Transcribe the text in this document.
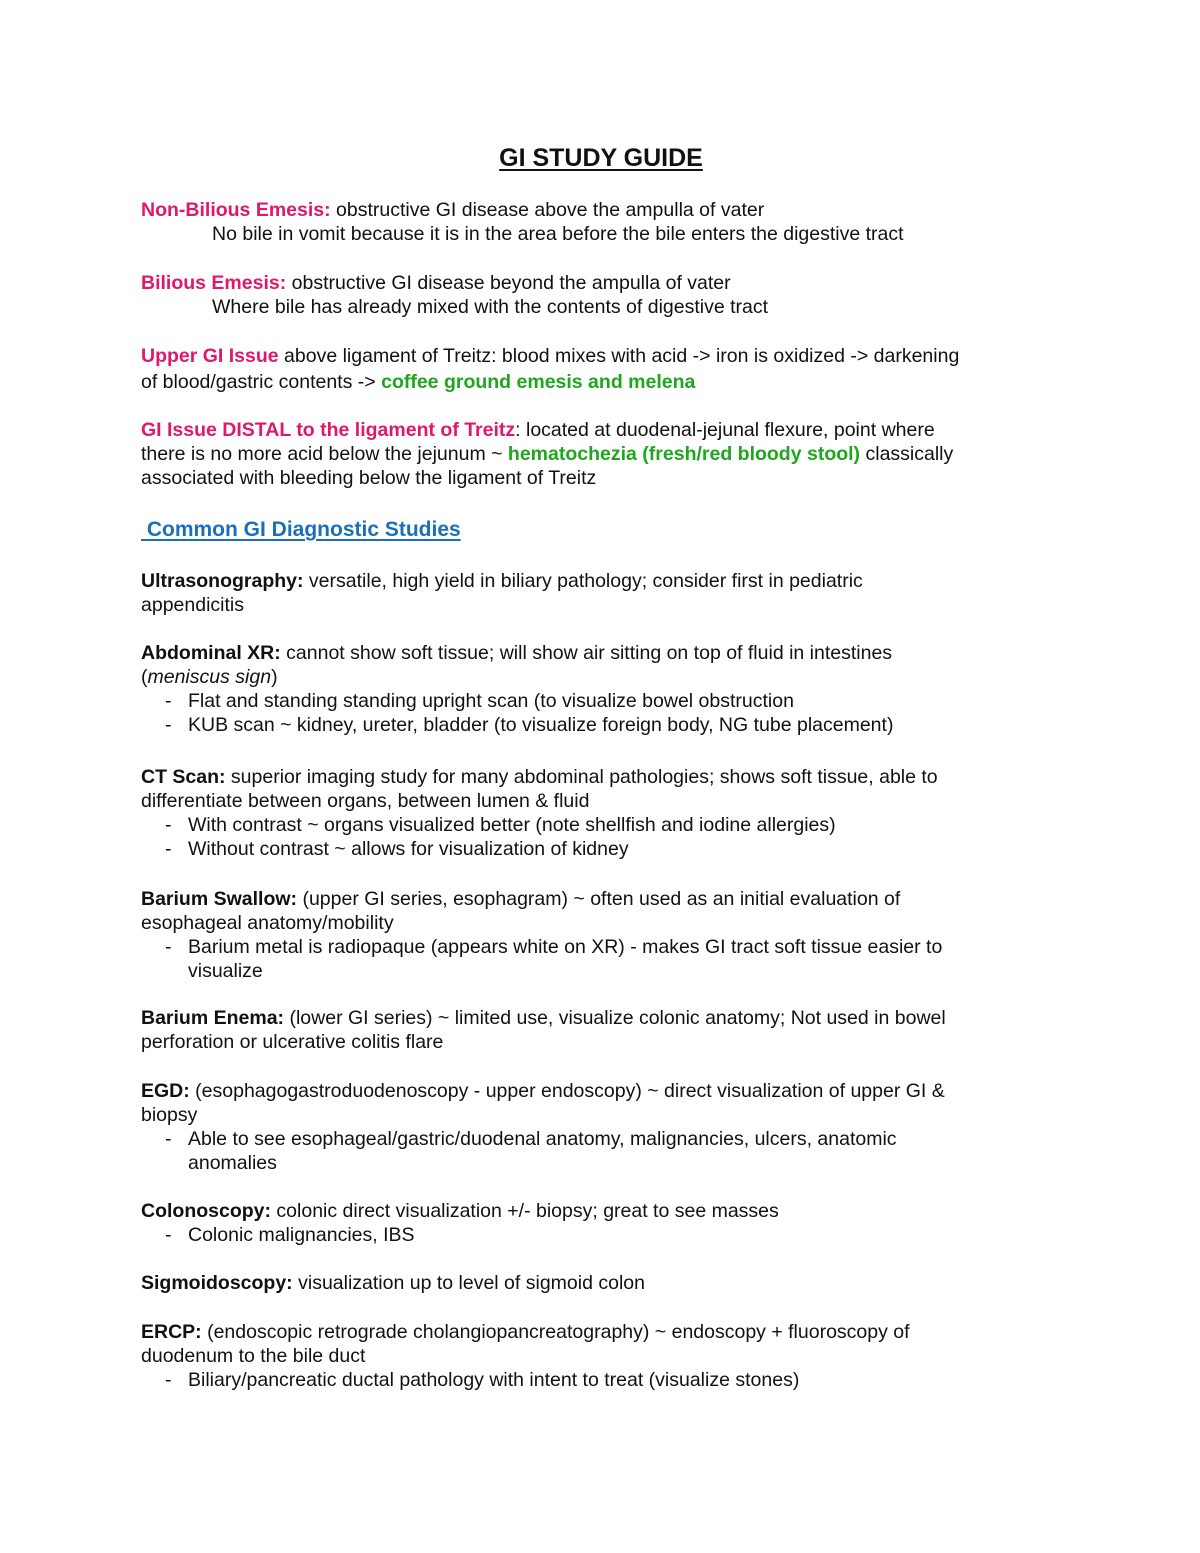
GI STUDY GUIDE
Non-Bilious Emesis: obstructive GI disease above the ampulla of vater
No bile in vomit because it is in the area before the bile enters the digestive tract
Bilious Emesis: obstructive GI disease beyond the ampulla of vater
Where bile has already mixed with the contents of digestive tract
Upper GI Issue above ligament of Treitz: blood mixes with acid -> iron is oxidized -> darkening
of blood/gastric contents -> coffee ground emesis and melena
GI Issue DISTAL to the ligament of Treitz: located at duodenal-jejunal flexure, point where
there is no more acid below the jejunum ~ hematochezia (fresh/red bloody stool) classically
associated with bleeding below the ligament of Treitz
Common GI Diagnostic Studies
Ultrasonography: versatile, high yield in biliary pathology; consider first in pediatric
appendicitis
Abdominal XR: cannot show soft tissue; will show air sitting on top of fluid in intestines
(meniscus sign)
- Flat and standing standing upright scan (to visualize bowel obstruction
- KUB scan ~ kidney, ureter, bladder (to visualize foreign body, NG tube placement)
CT Scan: superior imaging study for many abdominal pathologies; shows soft tissue, able to
differentiate between organs, between lumen & fluid
- With contrast ~ organs visualized better (note shellfish and iodine allergies)
- Without contrast ~ allows for visualization of kidney
Barium Swallow: (upper GI series, esophagram) ~ often used as an initial evaluation of
esophageal anatomy/mobility
- Barium metal is radiopaque (appears white on XR) - makes GI tract soft tissue easier to
visualize
Barium Enema: (lower GI series) ~ limited use, visualize colonic anatomy; Not used in bowel
perforation or ulcerative colitis flare
EGD: (esophagogastroduodenoscopy - upper endoscopy) ~ direct visualization of upper GI &
biopsy
- Able to see esophageal/gastric/duodenal anatomy, malignancies, ulcers, anatomic
anomalies
Colonoscopy: colonic direct visualization +/- biopsy; great to see masses
- Colonic malignancies, IBS
Sigmoidoscopy: visualization up to level of sigmoid colon
ERCP: (endoscopic retrograde cholangiopancreatography) ~ endoscopy + fluoroscopy of
duodenum to the bile duct
- Biliary/pancreatic ductal pathology with intent to treat (visualize stones)
